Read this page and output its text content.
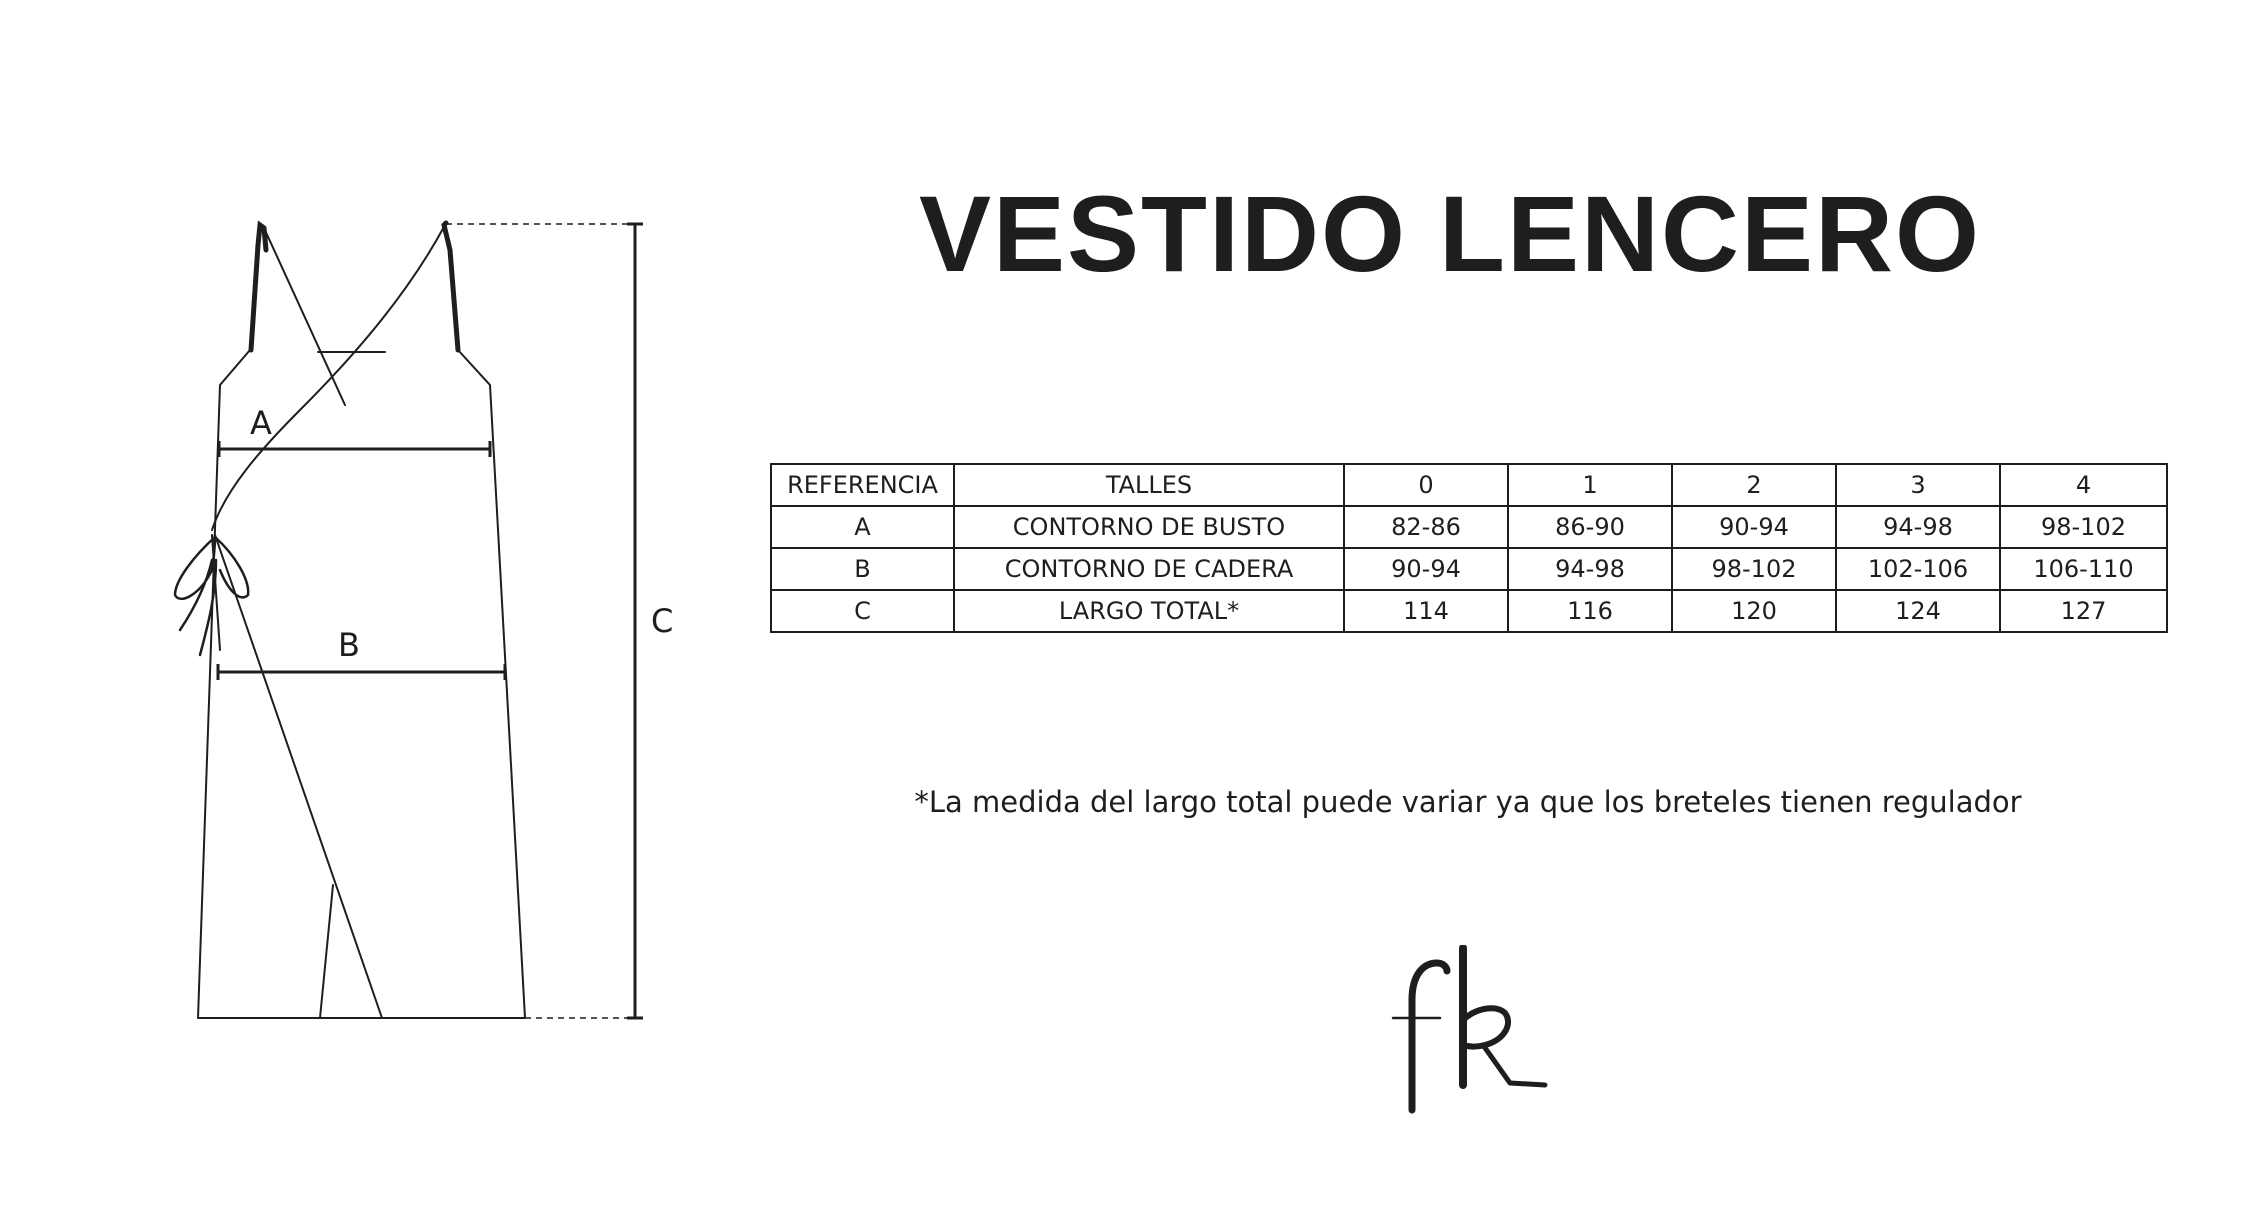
A
B
C
VESTIDO LENCERO
REFERENCIA	TALLES	0	1	2	3	4
A	CONTORNO DE BUSTO	82-86	86-90	90-94	94-98	98-102
B	CONTORNO DE CADERA	90-94	94-98	98-102	102-106	106-110
C	LARGO TOTAL*	114	116	120	124	127

*La medida del largo total puede variar ya que los breteles tienen regulador
